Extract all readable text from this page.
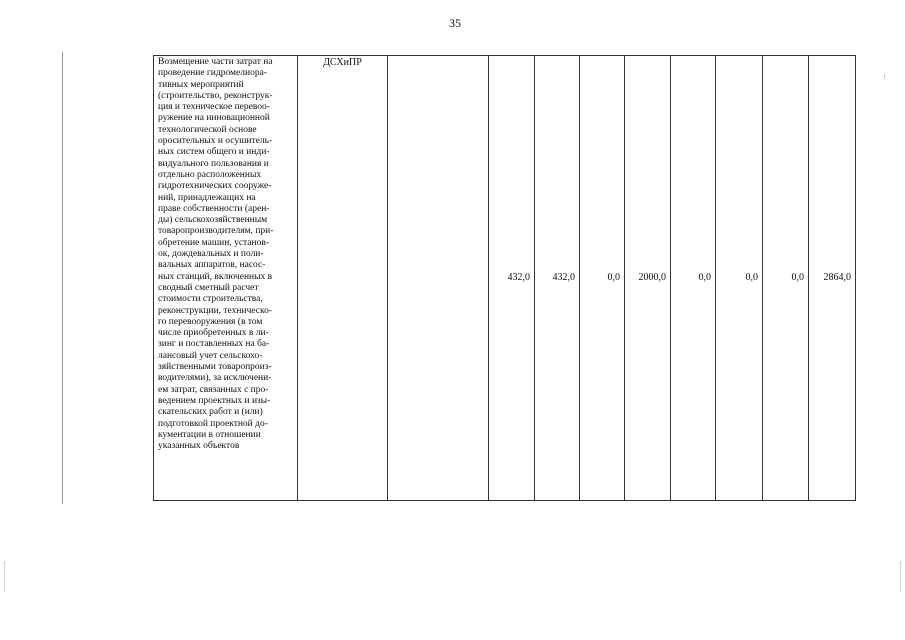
35
Возмещение части затрат на
проведение гидромелиора-
тивных мероприятий
(строительство, реконструк-
ция и техническое перевоо-
ружение на инновационной
технологической основе
оросительных и осушитель-
ных систем общего и инди-
видуального пользования и
отдельно расположенных
гидротехнических сооруже-
ний, принадлежащих на
праве собственности (арен-
ды) сельскохозяйственным
товаропроизводителям, при-
обретение машин, установ-
ок, дождевальных и поли-
вальных аппаратов, насос-
ных станций, включенных в
сводный сметный расчет
стоимости строительства,
реконструкции, техническо-
го перевооружения (в том
числе приобретенных в ли-
зинг и поставленных на ба-
лансовый учет сельскохо-
зяйственными товаропроиз-
водителями), за исключени-
ем затрат, связанных с про-
ведением проектных и изы-
скательских работ и (или)
подготовкой проектной до-
кументации в отношении
указанных объектов	ДСХиПР		432,0	432,0	0,0	2000,0	0,0	0,0	0,0	2864,0
